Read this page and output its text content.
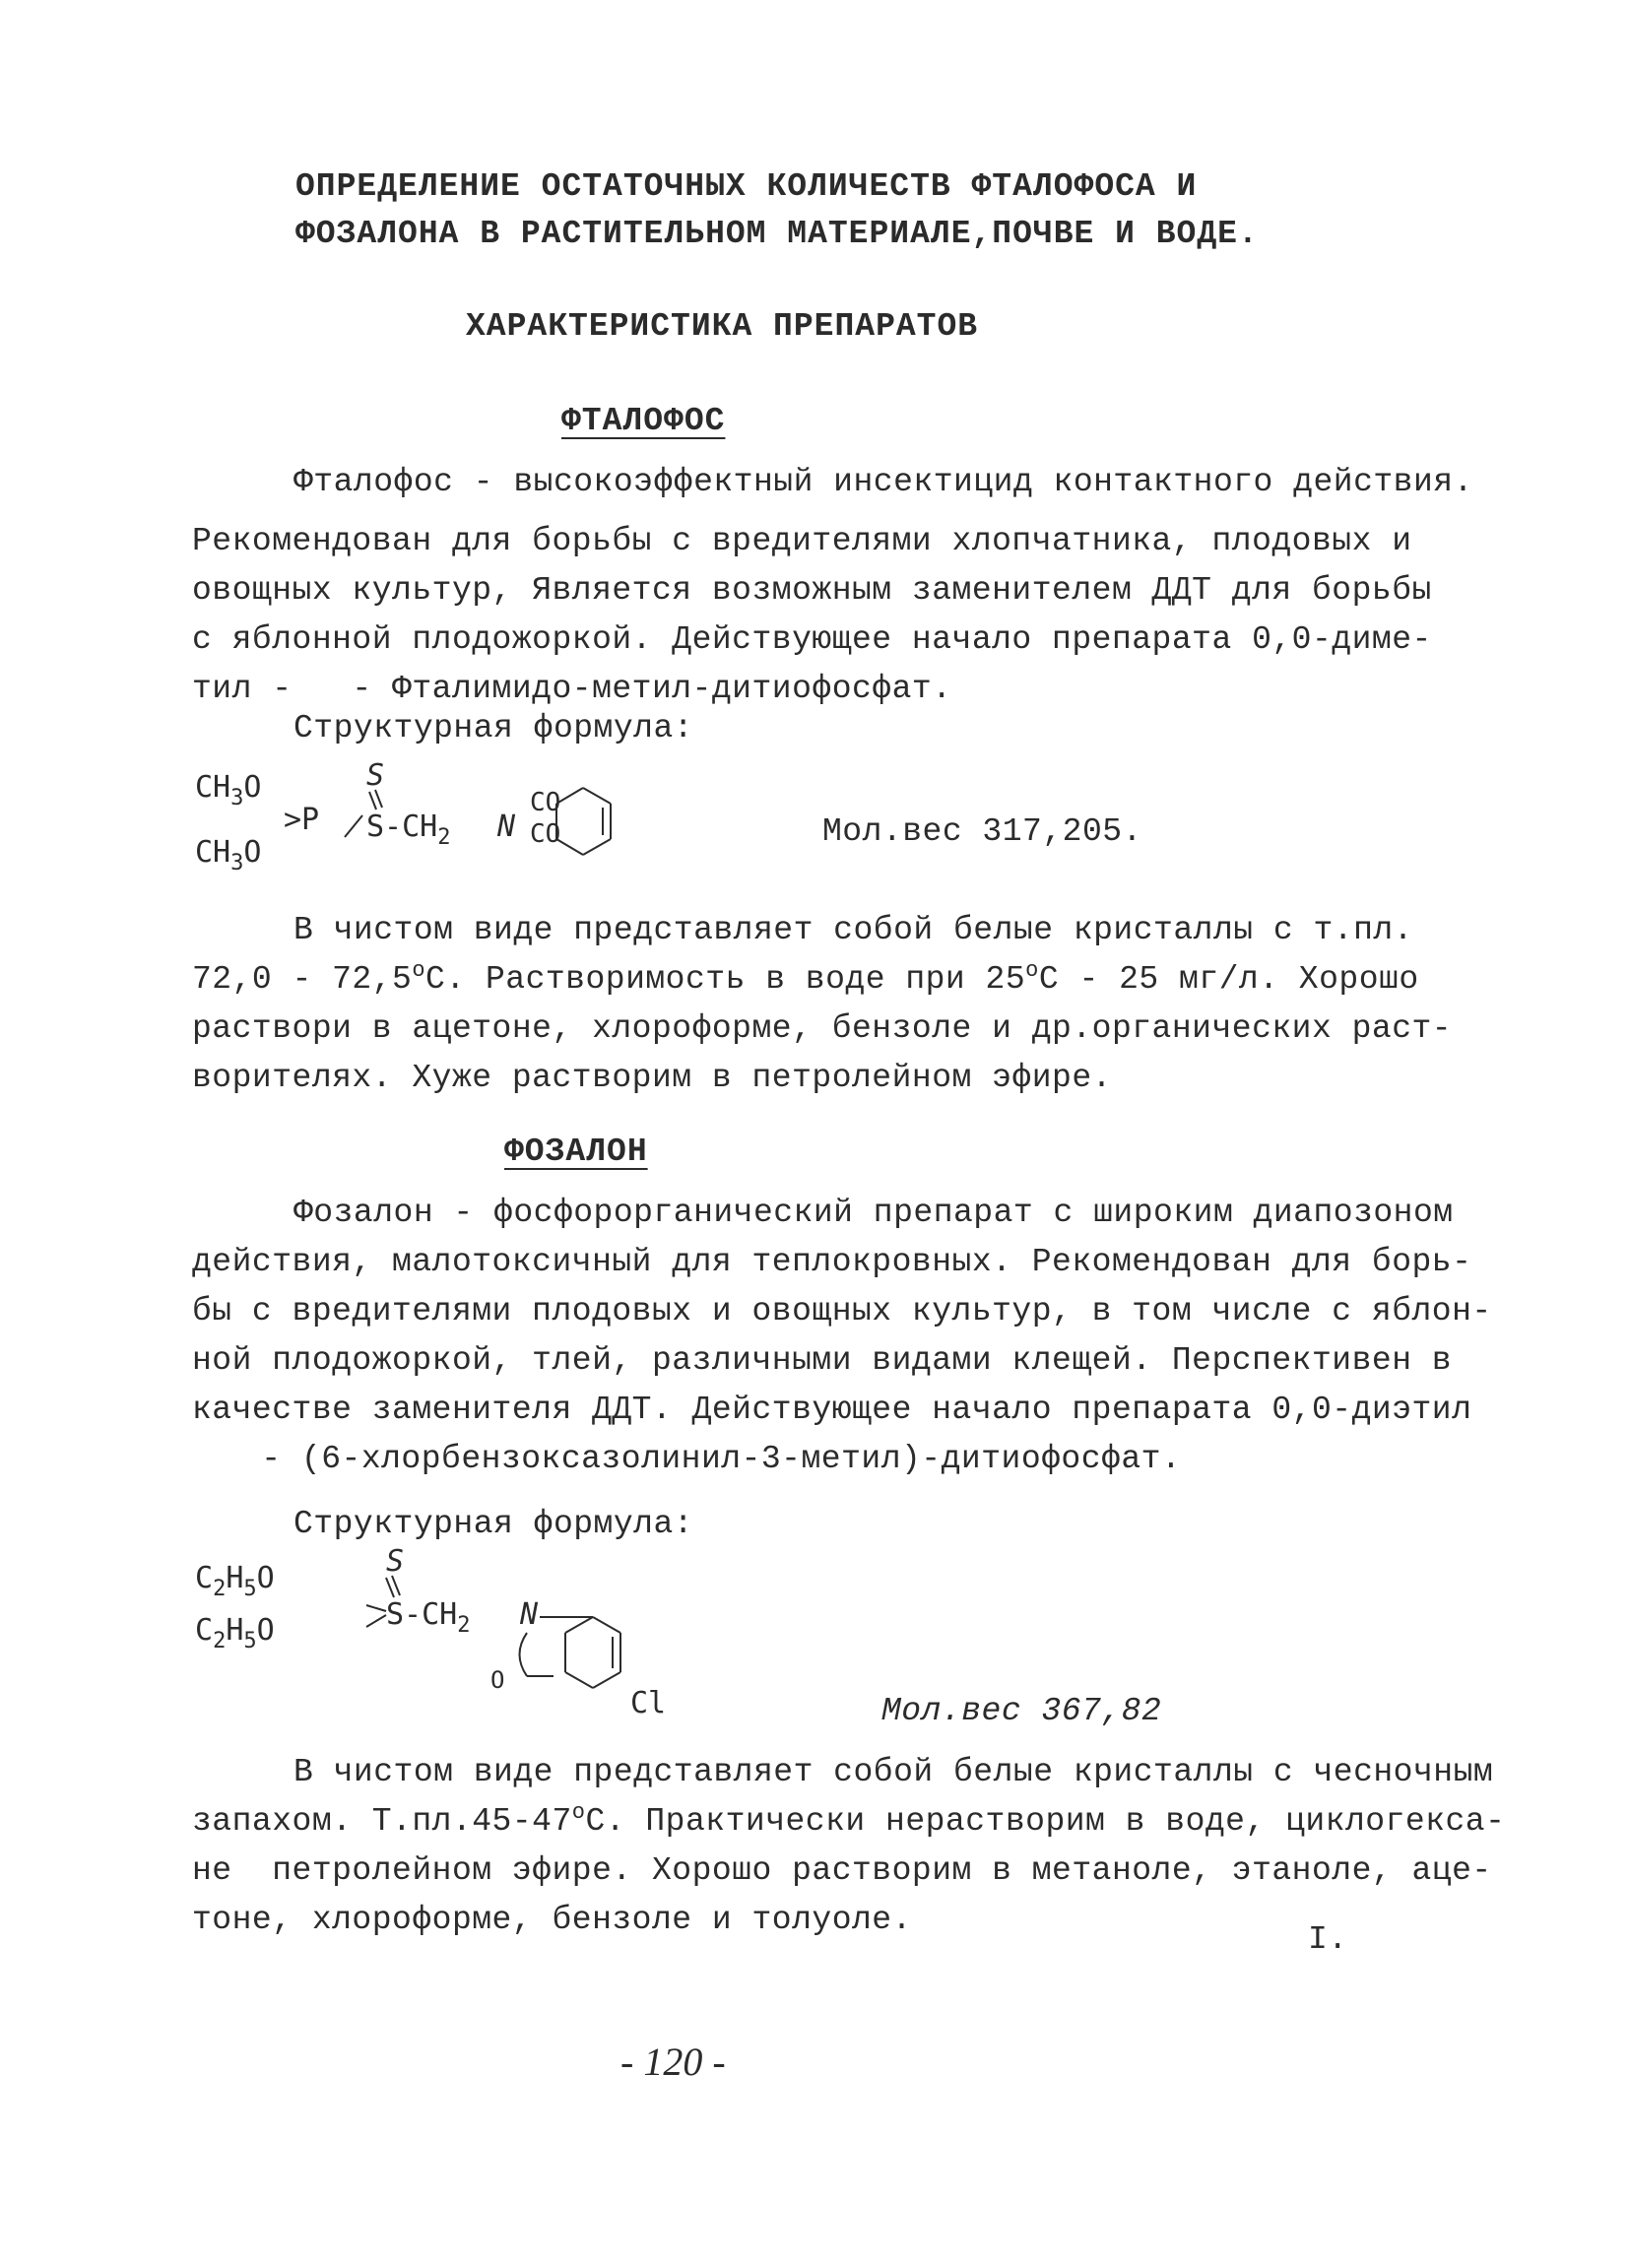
ОПРЕДЕЛЕНИЕ ОСТАТОЧНЫХ КОЛИЧЕСТВ ФТАЛОФОСА И
ФОЗАЛОНА В РАСТИТЕЛЬНОМ МАТЕРИАЛЕ,ПОЧВЕ И ВОДЕ.
ХАРАКТЕРИСТИКА ПРЕПАРАТОВ
ФТАЛОФОС
Фталофос - высокоэффектный инсектицид контактного действия.
Рекомендован для борьбы с вредителями хлопчатника, плодовых и
овощных культур, Является возможным заменителем ДДТ для борьбы
с яблонной плодожоркой. Действующее начало препарата 0,0-диме-
тил -   - Фталимидо-метил-дитиофосфат.
Структурная формула:
$CH_3O$
$CH_3O$
>P
S
$S-CH_2$ N
CO
CO	Мол.вес 317,205.
В чистом виде представляет собой белые кристаллы с т.пл.
72,0 - 72,5$^o$C. Растворимость в воде при 25$^o$C - 25 мг/л. Хорошо
раствори в ацетоне, хлороформе, бензоле и др.органических раст-
ворителях. Хуже растворим в петролейном эфире.
ФОЗАЛОН
Фозалон - фосфорорганический препарат с широким диапозоном
действия, малотоксичный для теплокровных. Рекомендован для борь-
бы с вредителями плодовых и овощных культур, в том числе с яблон-
ной плодожоркой, тлей, различными видами клещей. Перспективен в
качестве заменителя ДДТ. Действующее начало препарата 0,0-диэтил
- (6-хлорбензоксазолинил-3-метил)-дитиофосфат.
Структурная формула:
$C_2H_5O$
$C_2H_5O$
S
$S-CH_2$ N
O
Cl	Мол.вес 367,82
В чистом виде представляет собой белые кристаллы с чесночным
запахом. Т.пл.45-47$^o$C. Практически нерастворим в воде, циклогекса-
не  петролейном эфире. Хорошо растворим в метаноле, этаноле, аце-
тоне, хлороформе, бензоле и толуоле.
I.
- 120 -
